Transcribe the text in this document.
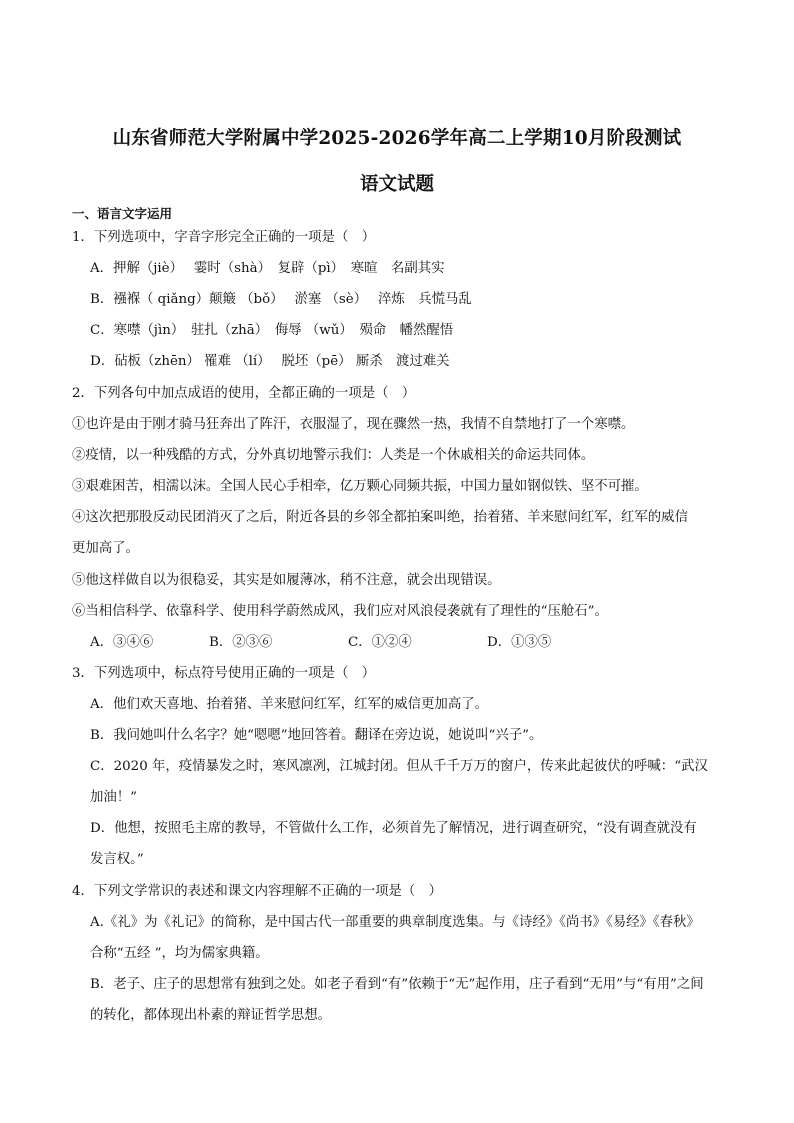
山东省师范大学附属中学2025-2026学年高二上学期10月阶段测试
语文试题
一、语言文字运用
1．下列选项中，字音字形完全正确的一项是（　）
A．押解（jiè）　 霎时（shà）　复辟（pì）　寒暄　名副其实
B．襁褓（ qiǎng）颠簸 （bǒ）　 淤塞 （sè）　 淬炼　兵慌马乱
C．寒噤（jìn）　驻扎（zhā）　侮辱 （wǔ）　殒命　幡然醒悟
D．砧板（zhēn） 罹难 （lí）　 脱坯（pē） 厮杀　渡过难关
2．下列各句中加点成语的使用，全都正确的一项是（　）
①也许是由于刚才骑马狂奔出了阵汗，衣服湿了，现在骤然一热，我情不自禁地打了一个寒噤。
②疫情，以一种残酷的方式，分外真切地警示我们：人类是一个休戚相关的命运共同体。
③艰难困苦，相濡以沫。全国人民心手相牵，亿万颗心同频共振，中国力量如钢似铁、坚不可摧。
④这次把那股反动民团消灭了之后，附近各县的乡邻全都拍案叫绝，抬着猪、羊来慰问红军，红军的威信
更加高了。
⑤他这样做自以为很稳妥，其实是如履薄冰，稍不注意，就会出现错误。
⑥当相信科学、依靠科学、使用科学蔚然成风，我们应对风浪侵袭就有了理性的“压舱石”。
A．③④⑥	B．②③⑥	C．①②④	D．①③⑤
3．下列选项中，标点符号使用正确的一项是（　）
A．他们欢天喜地、抬着猪、羊来慰问红军，红军的威信更加高了。
B．我问她叫什么名字？她“嗯嗯”地回答着。翻译在旁边说，她说叫“兴子”。
C．2020 年，疫情暴发之时，寒风凛冽，江城封闭。但从千千万万的窗户，传来此起彼伏的呼喊：“武汉
加油！”
D．他想，按照毛主席的教导，不管做什么工作，必须首先了解情况，进行调查研究，“没有调查就没有
发言权。”
4．下列文学常识的表述和课文内容理解不正确的一项是（　）
A.《礼》为《礼记》的简称，是中国古代一部重要的典章制度选集。与《诗经》《尚书》《易经》《春秋》
合称“五经 ”，均为儒家典籍。
B．老子、庄子的思想常有独到之处。如老子看到“有”依赖于“无”起作用，庄子看到“无用”与“有用”之间
的转化，都体现出朴素的辩证哲学思想。
